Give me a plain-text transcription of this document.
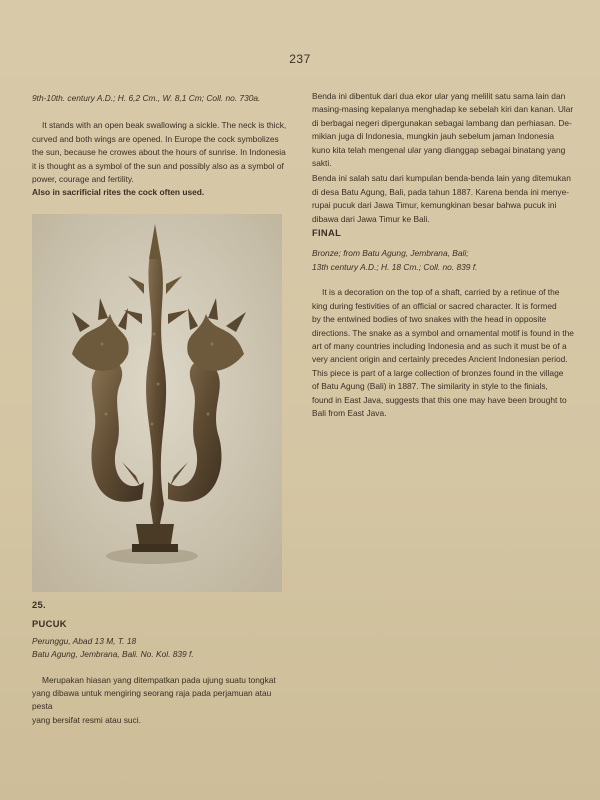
237

9th-10th. century A.D.; H. 6,2 Cm., W. 8,1 Cm; Coll. no. 730a.

It stands with an open beak swallowing a sickle. The neck is thick,

curved and both wings are opened. In Europe the cock symbolizes

the sun, because he crowes about the hours of sunrise. In Indonesia

it is thought as a symbol of the sun and possibly also as a symbol of

power, courage and fertility.

Also in sacrificial rites the cock often used.

25.

PUCUK

Perunggu, Abad 13 M, T. 18

Batu Agung, Jembrana, Bali. No. Kol. 839 f.

Merupakan hiasan yang ditempatkan pada ujung suatu tongkat

yang dibawa untuk mengiring seorang raja pada perjamuan atau pesta

yang bersifat resmi atau suci.

Benda ini dibentuk dari dua ekor ular yang melilit satu sama lain dan

masing-masing kepalanya menghadap ke sebelah kiri dan kanan. Ular

di berbagai negeri dipergunakan sebagai lambang dan perhiasan. De-

mikian juga di Indonesia, mungkin jauh sebelum jaman Indonesia

kuno kita telah mengenal ular yang dianggap sebagai binatang yang

sakti.

Benda ini salah satu dari kumpulan benda-benda lain yang ditemukan

di desa Batu Agung, Bali, pada tahun 1887. Karena benda ini menye-

rupai pucuk dari Jawa Timur, kemungkinan besar bahwa pucuk ini

dibawa dari Jawa Timur ke Bali.

FINAL

Bronze; from Batu Agung, Jembrana, Bali;

13th century A.D.; H. 18 Cm.; Coll. no. 839 f.

It is a decoration on the top of a shaft, carried by a retinue of the

king during festivities of an official or sacred character. It is formed

by the entwined bodies of two snakes with the head in opposite

directions. The snake as a symbol and ornamental motif is found in the

art of many countries including Indonesia and as such it must be of a

very ancient origin and certainly precedes Ancient Indonesian period.

This piece is part of a large collection of bronzes found in the village

of Batu Agung (Bali) in 1887. The similarity in style to the finials,

found in East Java, suggests that this one may have been brought to

Bali from East Java.
